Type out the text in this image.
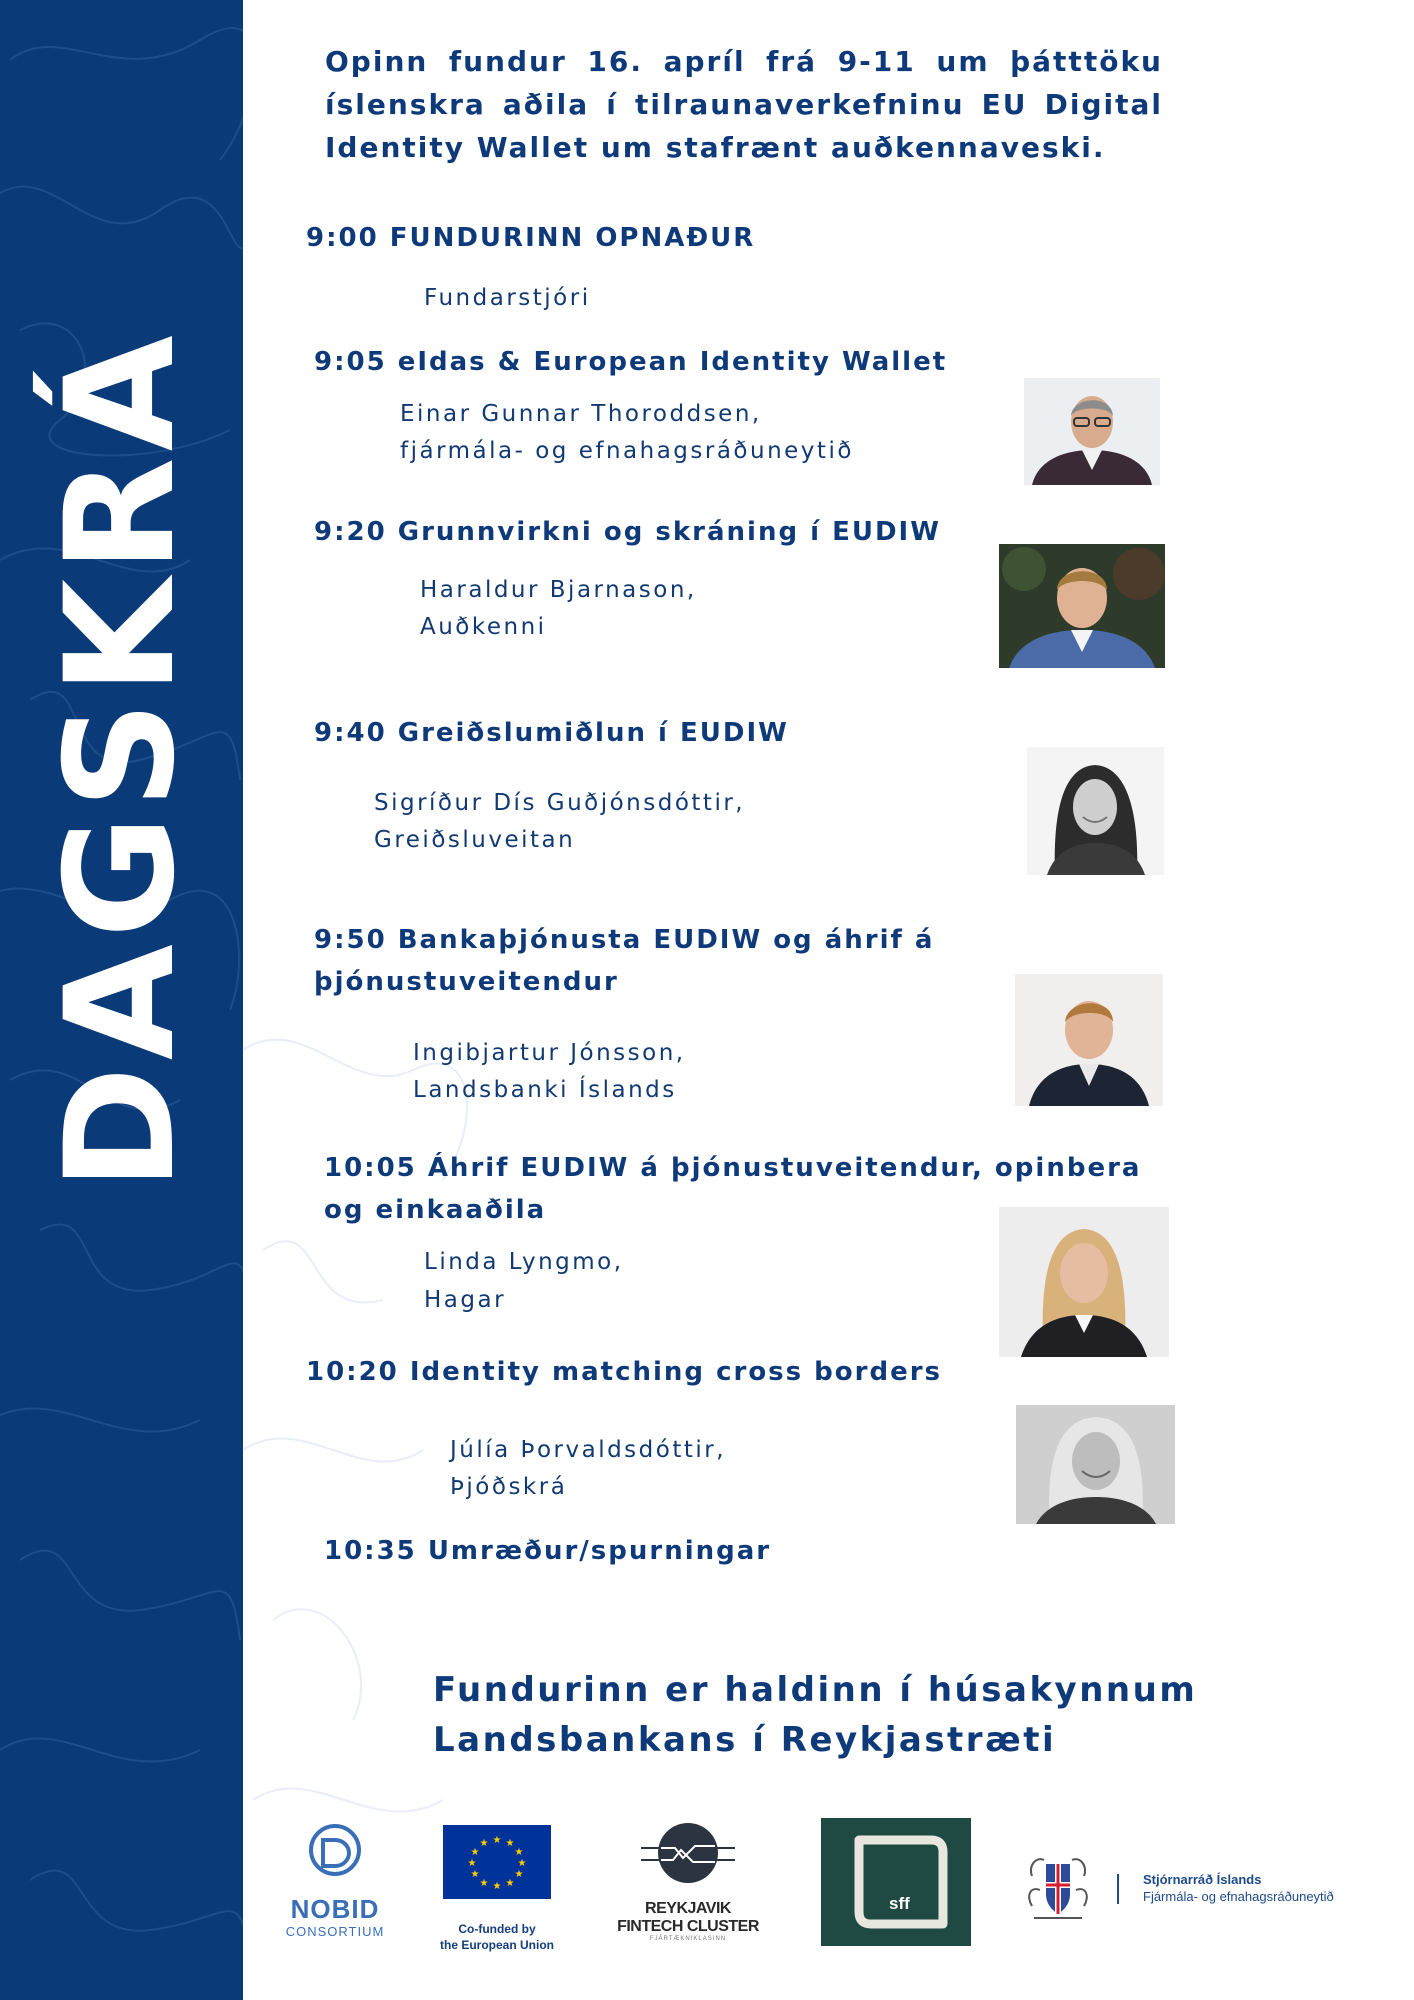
DAGSKRÁ
Opinn fundur 16. apríl frá 9-11 um þátttöku íslenskra aðila í tilraunaverkefninu EU Digital Identity Wallet um stafrænt auðkennaveski.
9:00 FUNDURINN OPNAÐUR
Fundarstjóri
9:05 eIdas & European Identity Wallet
Einar Gunnar Thoroddsen,
fjármála- og efnahagsráðuneytið
9:20 Grunnvirkni og skráning í EUDIW
Haraldur Bjarnason,
Auðkenni
9:40 Greiðslumiðlun í EUDIW
Sigríður Dís Guðjónsdóttir,
Greiðsluveitan
9:50 Bankaþjónusta EUDIW og áhrif á
þjónustuveitendur
Ingibjartur Jónsson,
Landsbanki Íslands
10:05 Áhrif EUDIW á þjónustuveitendur, opinbera
og einkaaðila
Linda Lyngmo,
Hagar
10:20 Identity matching cross borders
Júlía Þorvaldsdóttir,
Þjóðskrá
10:35 Umræður/spurningar
Fundurinn er haldinn í húsakynnum
Landsbankans í Reykjastræti
NOBID
CONSORTIUM
★ ★
★
★
★
★
★
★
★
★
★
★
Co-funded by
the European Union
REYKJAVIK
FINTECH CLUSTER
FJÁRTÆKNIKLASINN
sff
Stjórnarráð Íslands
Fjármála- og efnahagsráðuneytið
